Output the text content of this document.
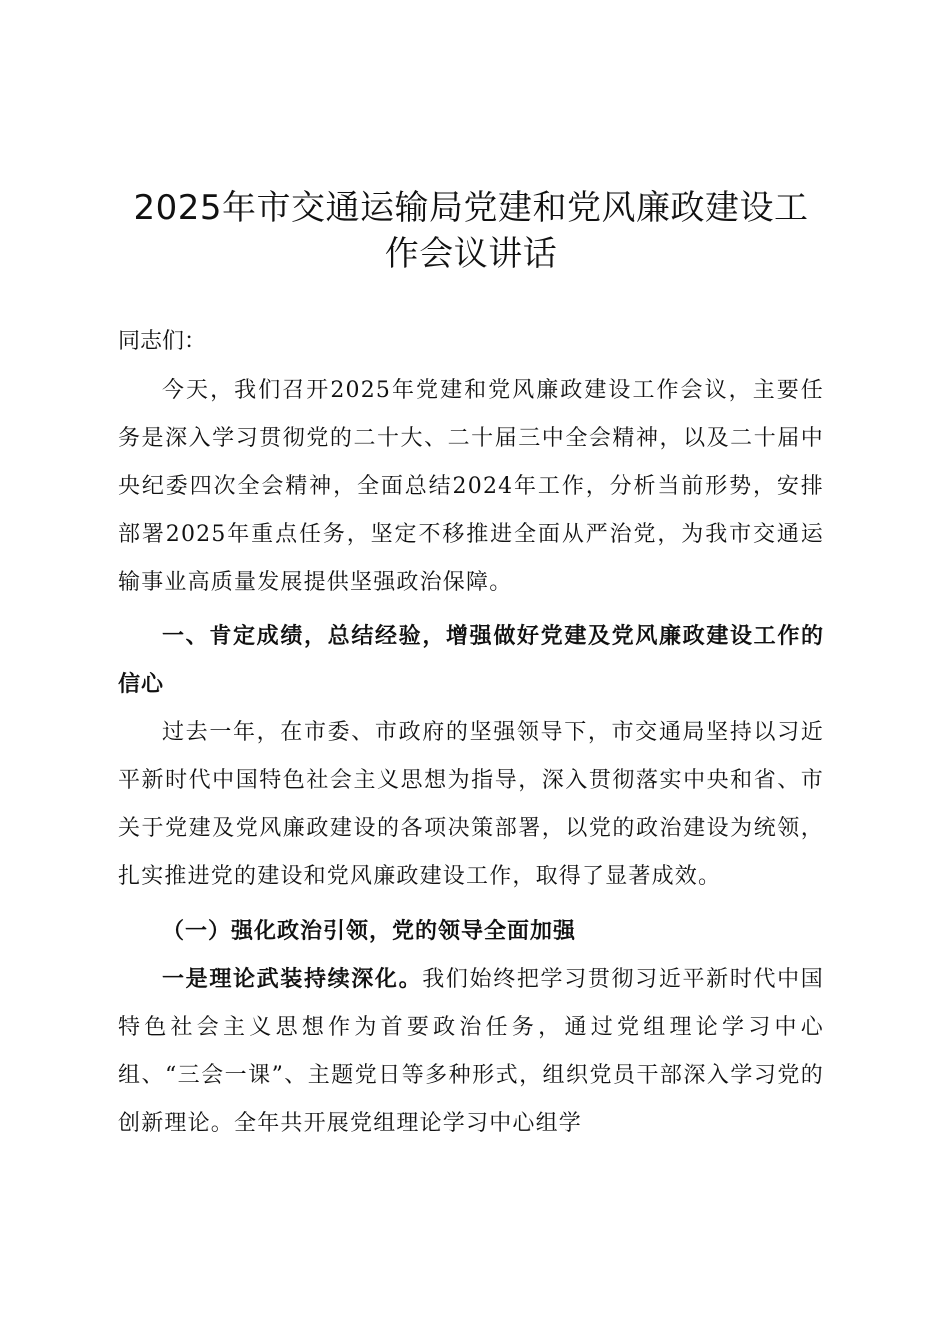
2025年市交通运输局党建和党风廉政建设工
作会议讲话

同志们：

今天，我们召开2025年党建和党风廉政建设工作会议，主要任务是深入学习贯彻党的二十大、二十届三中全会精神，以及二十届中央纪委四次全会精神，全面总结2024年工作，分析当前形势，安排部署2025年重点任务，坚定不移推进全面从严治党，为我市交通运输事业高质量发展提供坚强政治保障。

一、肯定成绩，总结经验，增强做好党建及党风廉政建设工作的信心

过去一年，在市委、市政府的坚强领导下，市交通局坚持以习近平新时代中国特色社会主义思想为指导，深入贯彻落实中央和省、市关于党建及党风廉政建设的各项决策部署，以党的政治建设为统领，扎实推进党的建设和党风廉政建设工作，取得了显著成效。

（一）强化政治引领，党的领导全面加强

一是理论武装持续深化。我们始终把学习贯彻习近平新时代中国特色社会主义思想作为首要政治任务，通过党组理论学习中心组、“三会一课”、主题党日等多种形式，组织党员干部深入学习党的创新理论。全年共开展党组理论学习中心组学
